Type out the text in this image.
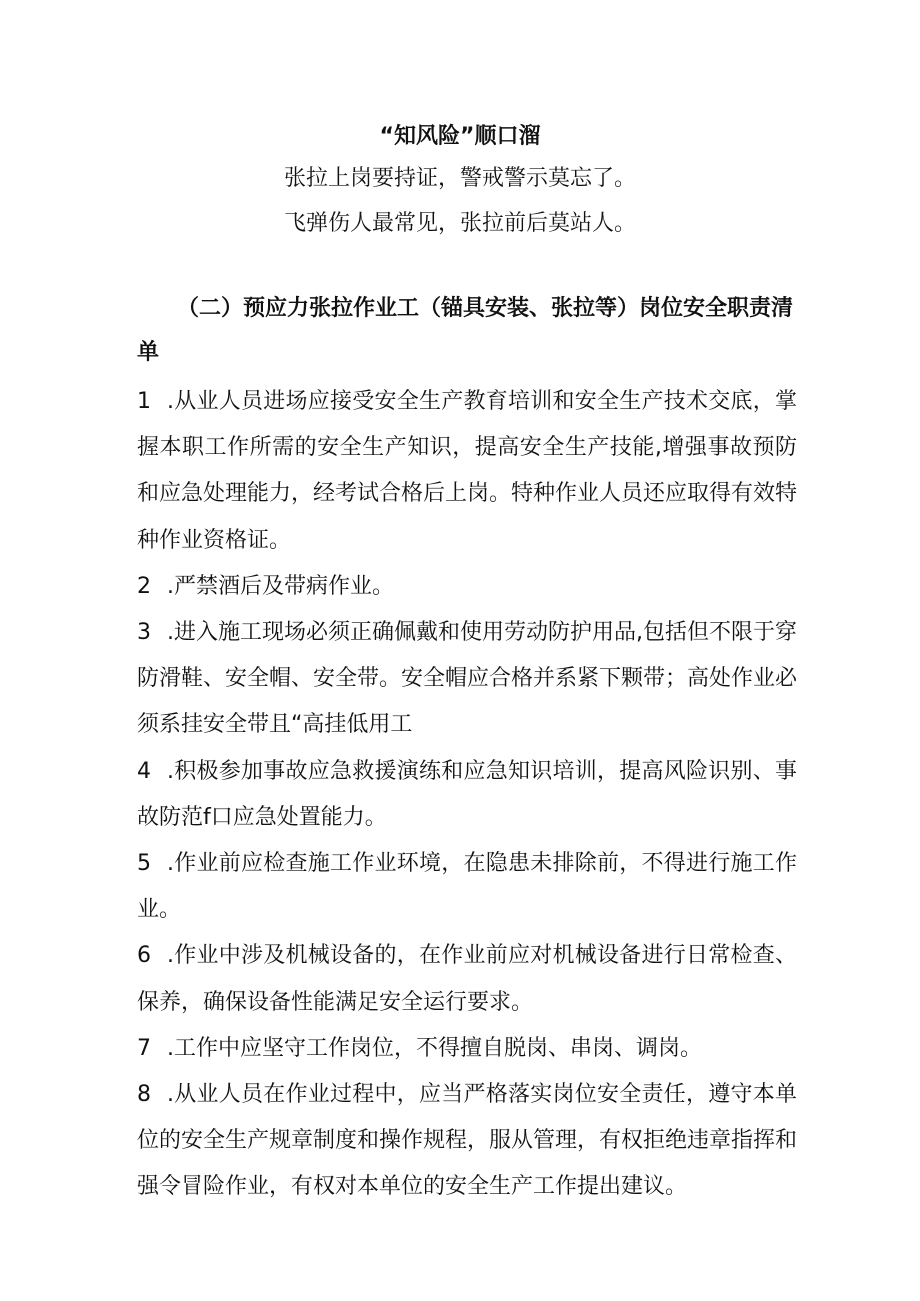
“知风险”顺口溜
张拉上岗要持证，警戒警示莫忘了。
飞弹伤人最常见，张拉前后莫站人。
（二）预应力张拉作业工（锚具安装、张拉等）岗位安全职责清单
1 .从业人员进场应接受安全生产教育培训和安全生产技术交底，掌握本职工作所需的安全生产知识，提高安全生产技能,增强事故预防和应急处理能力，经考试合格后上岗。特种作业人员还应取得有效特种作业资格证。
2 .严禁酒后及带病作业。
3 .进入施工现场必须正确佩戴和使用劳动防护用品,包括但不限于穿防滑鞋、安全帽、安全带。安全帽应合格并系紧下颗带；高处作业必须系挂安全带且“高挂低用工
4 .积极参加事故应急救援演练和应急知识培训，提高风险识别、事故防范f口应急处置能力。
5 .作业前应检查施工作业环境，在隐患未排除前，不得进行施工作业。
6 .作业中涉及机械设备的，在作业前应对机械设备进行日常检查、保养，确保设备性能满足安全运行要求。
7 .工作中应坚守工作岗位，不得擅自脱岗、串岗、调岗。
8 .从业人员在作业过程中，应当严格落实岗位安全责任，遵守本单位的安全生产规章制度和操作规程，服从管理，有权拒绝违章指挥和强令冒险作业，有权对本单位的安全生产工作提出建议。
